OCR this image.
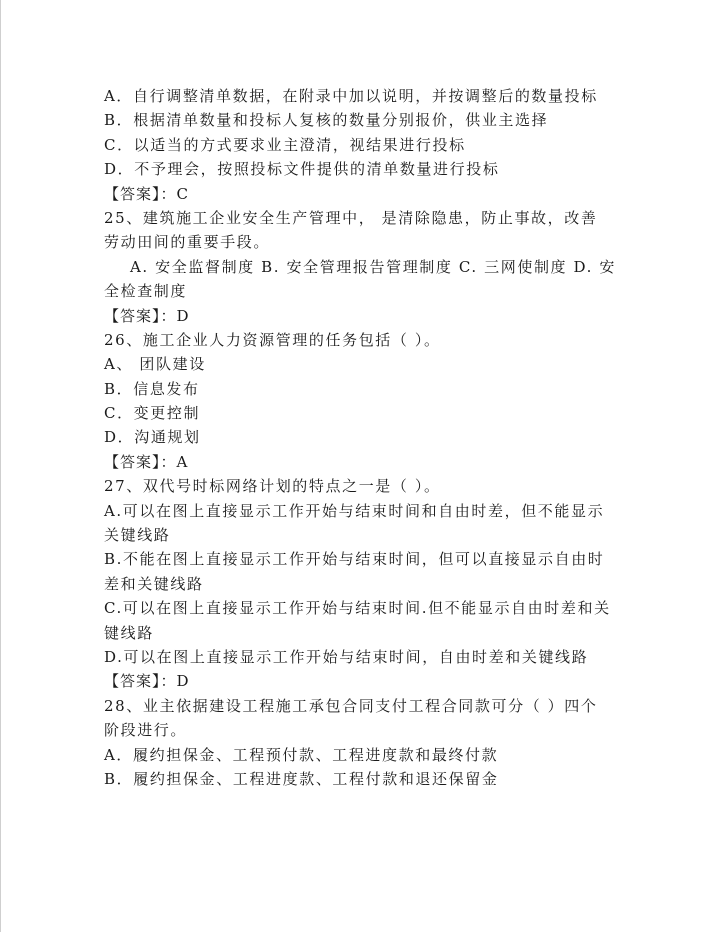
A．自行调整清单数据，在附录中加以说明，并按调整后的数量投标
B．根据清单数量和投标人复核的数量分别报价，供业主选择
C．以适当的方式要求业主澄清，视结果进行投标
D．不予理会，按照投标文件提供的清单数量进行投标
【答案】：C
25、建筑施工企业安全生产管理中， 是清除隐患，防止事故，改善
劳动田间的重要手段。
A. 安全监督制度 B. 安全管理报告管理制度 C. 三网使制度 D. 安
全检查制度
【答案】：D
26、施工企业人力资源管理的任务包括（ ）。
A、 团队建设
B．信息发布
C．变更控制
D．沟通规划
【答案】：A
27、双代号时标网络计划的特点之一是（ ）。
A.可以在图上直接显示工作开始与结束时间和自由时差，但不能显示
关键线路
B.不能在图上直接显示工作开始与结束时间，但可以直接显示自由时
差和关键线路
C.可以在图上直接显示工作开始与结束时间.但不能显示自由时差和关
键线路
D.可以在图上直接显示工作开始与结束时间，自由时差和关键线路
【答案】：D
28、业主依据建设工程施工承包合同支付工程合同款可分（ ）四个
阶段进行。
A．履约担保金、工程预付款、工程进度款和最终付款
B．履约担保金、工程进度款、工程付款和退还保留金
